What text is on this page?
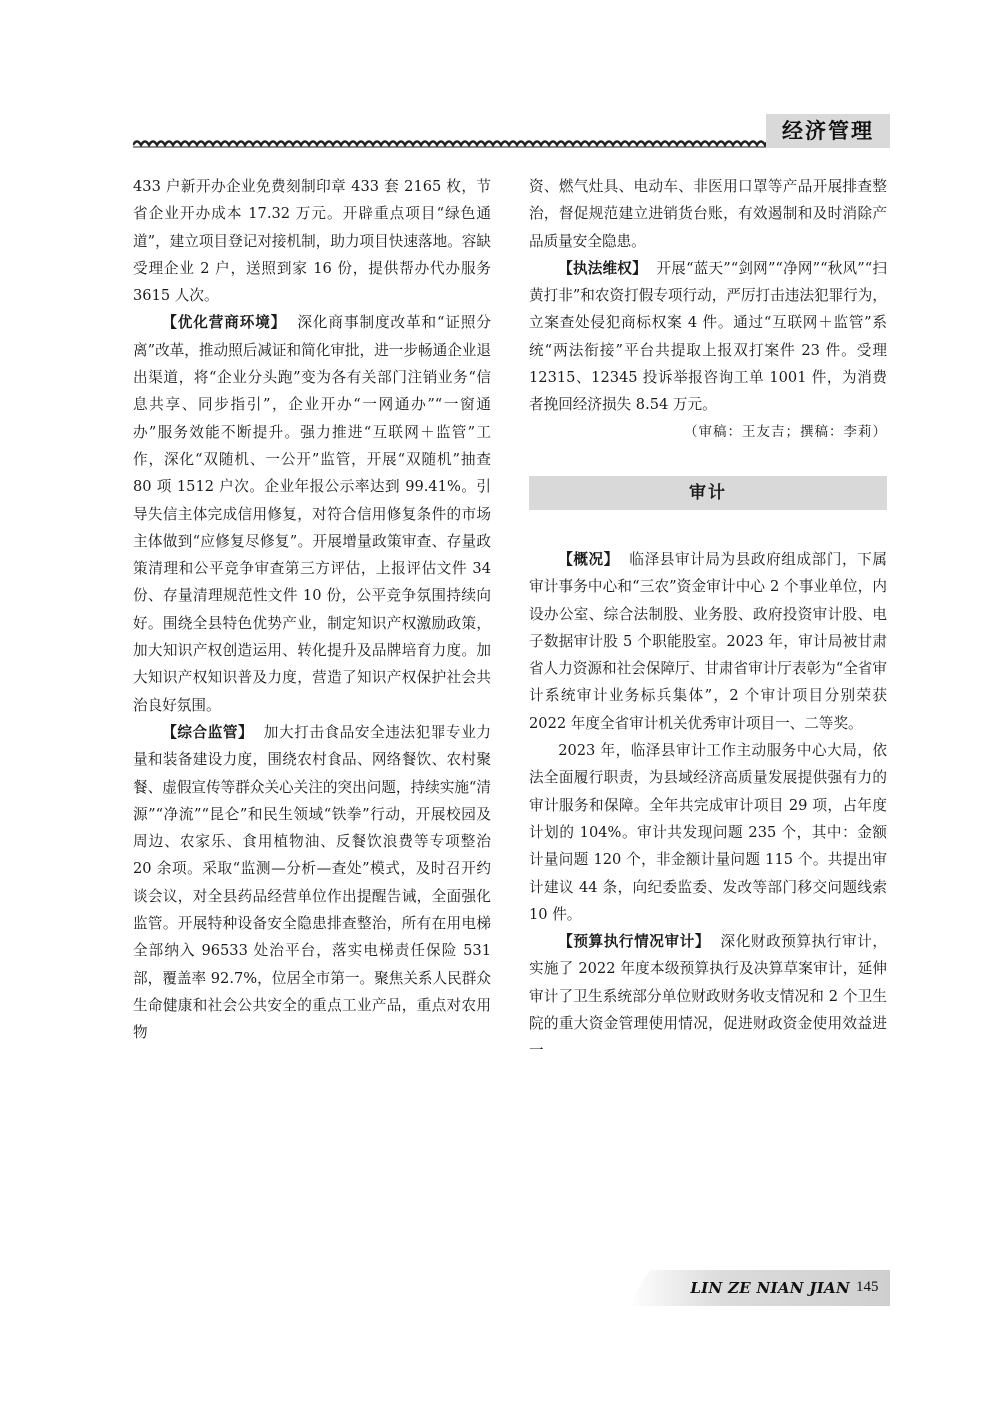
经济管理

433 户新开办企业免费刻制印章 433 套 2165 枚，节省企业开办成本 17.32 万元。开辟重点项目“绿色通道”，建立项目登记对接机制，助力项目快速落地。容缺受理企业 2 户，送照到家 16 份，提供帮办代办服务 3615 人次。

【优化营商环境】 深化商事制度改革和“证照分离”改革，推动照后减证和简化审批，进一步畅通企业退出渠道，将“企业分头跑”变为各有关部门注销业务“信息共享、同步指引”，企业开办“一网通办”“一窗通办”服务效能不断提升。强力推进“互联网＋监管”工作，深化“双随机、一公开”监管，开展“双随机”抽查 80 项 1512 户次。企业年报公示率达到 99.41%。引导失信主体完成信用修复，对符合信用修复条件的市场主体做到“应修复尽修复”。开展增量政策审查、存量政策清理和公平竞争审查第三方评估，上报评估文件 34 份、存量清理规范性文件 10 份，公平竞争氛围持续向好。围绕全县特色优势产业，制定知识产权激励政策，加大知识产权创造运用、转化提升及品牌培育力度。加大知识产权知识普及力度，营造了知识产权保护社会共治良好氛围。

【综合监管】 加大打击食品安全违法犯罪专业力量和装备建设力度，围绕农村食品、网络餐饮、农村聚餐、虚假宣传等群众关心关注的突出问题，持续实施“清源”“净流”“昆仑”和民生领域“铁拳”行动，开展校园及周边、农家乐、食用植物油、反餐饮浪费等专项整治 20 余项。采取“监测—分析—查处”模式，及时召开约谈会议，对全县药品经营单位作出提醒告诫，全面强化监管。开展特种设备安全隐患排查整治，所有在用电梯全部纳入 96533 处治平台，落实电梯责任保险 531 部，覆盖率 92.7%，位居全市第一。聚焦关系人民群众生命健康和社会公共安全的重点工业产品，重点对农用物

资、燃气灶具、电动车、非医用口罩等产品开展排查整治，督促规范建立进销货台账，有效遏制和及时消除产品质量安全隐患。

【执法维权】 开展“蓝天”“剑网”“净网”“秋风”“扫黄打非”和农资打假专项行动，严厉打击违法犯罪行为，立案查处侵犯商标权案 4 件。通过“互联网＋监管”系统“两法衔接”平台共提取上报双打案件 23 件。受理 12315、12345 投诉举报咨询工单 1001 件，为消费者挽回经济损失 8.54 万元。

（审稿：王友吉；撰稿：李莉）

审计

【概况】 临泽县审计局为县政府组成部门，下属审计事务中心和“三农”资金审计中心 2 个事业单位，内设办公室、综合法制股、业务股、政府投资审计股、电子数据审计股 5 个职能股室。2023 年，审计局被甘肃省人力资源和社会保障厅、甘肃省审计厅表彰为“全省审计系统审计业务标兵集体”，2 个审计项目分别荣获 2022 年度全省审计机关优秀审计项目一、二等奖。

2023 年，临泽县审计工作主动服务中心大局，依法全面履行职责，为县域经济高质量发展提供强有力的审计服务和保障。全年共完成审计项目 29 项，占年度计划的 104%。审计共发现问题 235 个，其中：金额计量问题 120 个，非金额计量问题 115 个。共提出审计建议 44 条，向纪委监委、发改等部门移交问题线索 10 件。

【预算执行情况审计】 深化财政预算执行审计，实施了 2022 年度本级预算执行及决算草案审计，延伸审计了卫生系统部分单位财政财务收支情况和 2 个卫生院的重大资金管理使用情况，促进财政资金使用效益进一

LIN ZE NIAN JIAN 145
